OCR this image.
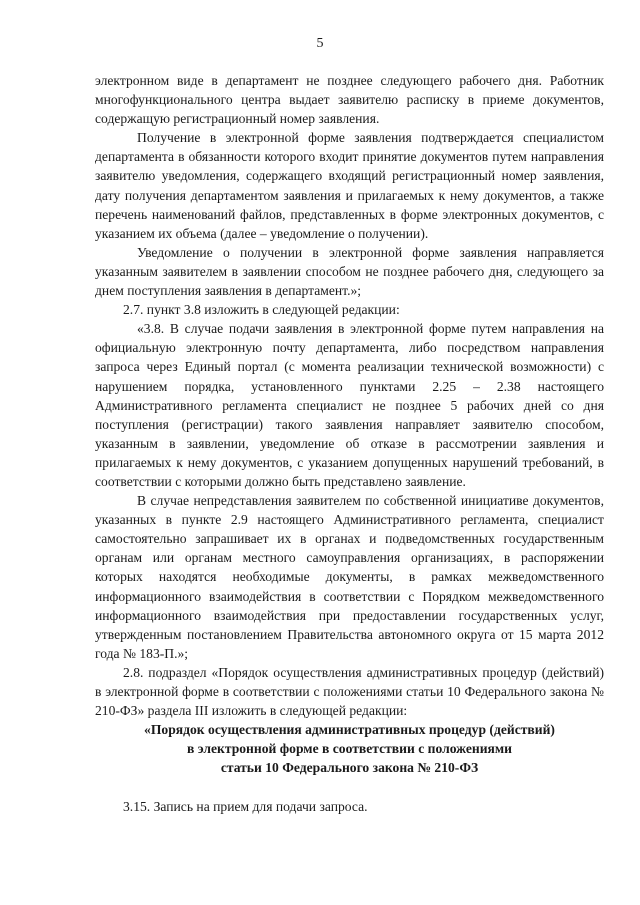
5

электронном виде в департамент не позднее следующего рабочего дня. Работник многофункционального центра выдает заявителю расписку в приеме документов, содержащую регистрационный номер заявления.

Получение в электронной форме заявления подтверждается специалистом департамента в обязанности которого входит принятие документов путем направления заявителю уведомления, содержащего входящий регистрационный номер заявления, дату получения департаментом заявления и прилагаемых к нему документов, а также перечень наименований файлов, представленных в форме электронных документов, с указанием их объема (далее – уведомление о получении).

Уведомление о получении в электронной форме заявления направляется указанным заявителем в заявлении способом не позднее рабочего дня, следующего за днем поступления заявления в департамент.»;

2.7. пункт 3.8 изложить в следующей редакции:

«3.8. В случае подачи заявления в электронной форме путем направления на официальную электронную почту департамента, либо посредством направления запроса через Единый портал (с момента реализации технической возможности) с нарушением порядка, установленного пунктами 2.25 – 2.38 настоящего Административного регламента специалист не позднее 5 рабочих дней со дня поступления (регистрации) такого заявления направляет заявителю способом, указанным в заявлении, уведомление об отказе в рассмотрении заявления и прилагаемых к нему документов, с указанием допущенных нарушений требований, в соответствии с которыми должно быть представлено заявление.

В случае непредставления заявителем по собственной инициативе документов, указанных в пункте 2.9 настоящего Административного регламента, специалист самостоятельно запрашивает их в органах и подведомственных государственным органам или органам местного самоуправления организациях, в распоряжении которых находятся необходимые документы, в рамках межведомственного информационного взаимодействия в соответствии с Порядком межведомственного информационного взаимодействия при предоставлении государственных услуг, утвержденным постановлением Правительства автономного округа от 15 марта 2012 года № 183-П.»;

2.8. подраздел «Порядок осуществления административных процедур (действий) в электронной форме в соответствии с положениями статьи 10 Федерального закона № 210-ФЗ» раздела III изложить в следующей редакции:

«Порядок осуществления административных процедур (действий)

в электронной форме в соответствии с положениями

статьи 10 Федерального закона № 210-ФЗ

3.15. Запись на прием для подачи запроса.
